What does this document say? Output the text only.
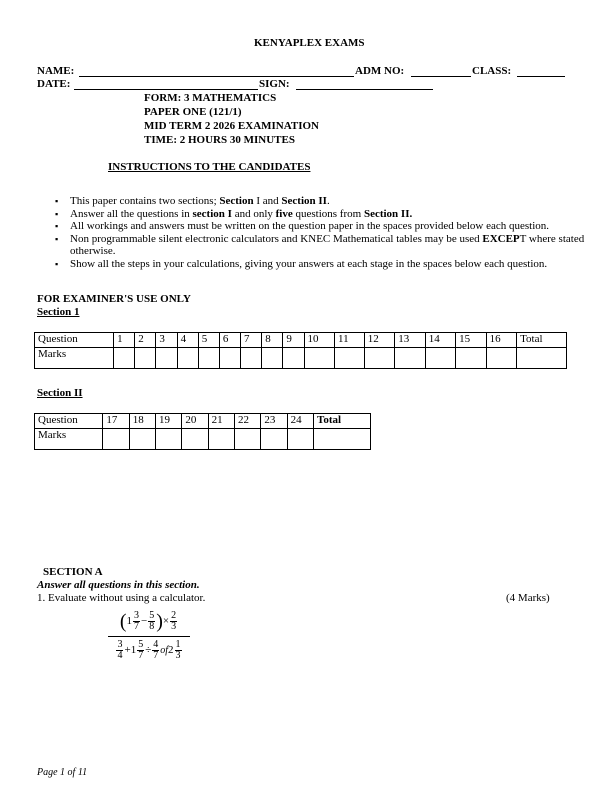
KENYAPLEX EXAMS
NAME:	ADM NO:	CLASS:
DATE:	SIGN:
FORM: 3 MATHEMATICS
PAPER ONE (121/1)
MID TERM 2 2026 EXAMINATION
TIME: 2 HOURS 30 MINUTES
INSTRUCTIONS TO THE CANDIDATES
▪ This paper contains two sections; Section I and Section II.
▪ Answer all the questions in section I and only five questions from Section II.
▪ All workings and answers must be written on the question paper in the spaces provided below each question.
▪ Non programmable silent electronic calculators and KNEC Mathematical tables may be used EXCEPT where stated otherwise.
▪ Show all the steps in your calculations, giving your answers at each stage in the spaces below each question.
FOR EXAMINER'S USE ONLY
Section 1
Question	1	2	3	4	5	6	7	8	9	10	11	12	13	14	15	16	Total
Marks																	
Section II
Question	17	18	19	20	21	22	23	24	Total
Marks									
SECTION A
Answer all questions in this section.
1. Evaluate without using a calculator.	(4 Marks)
($1 \frac{3}{7} - \frac{5}{8}$ )× $\frac{2}{3}$
$\frac{3}{4} +1 \frac{5}{7} \div \frac{4}{7} of2 \frac{1}{3}$
Page 1 of 11
